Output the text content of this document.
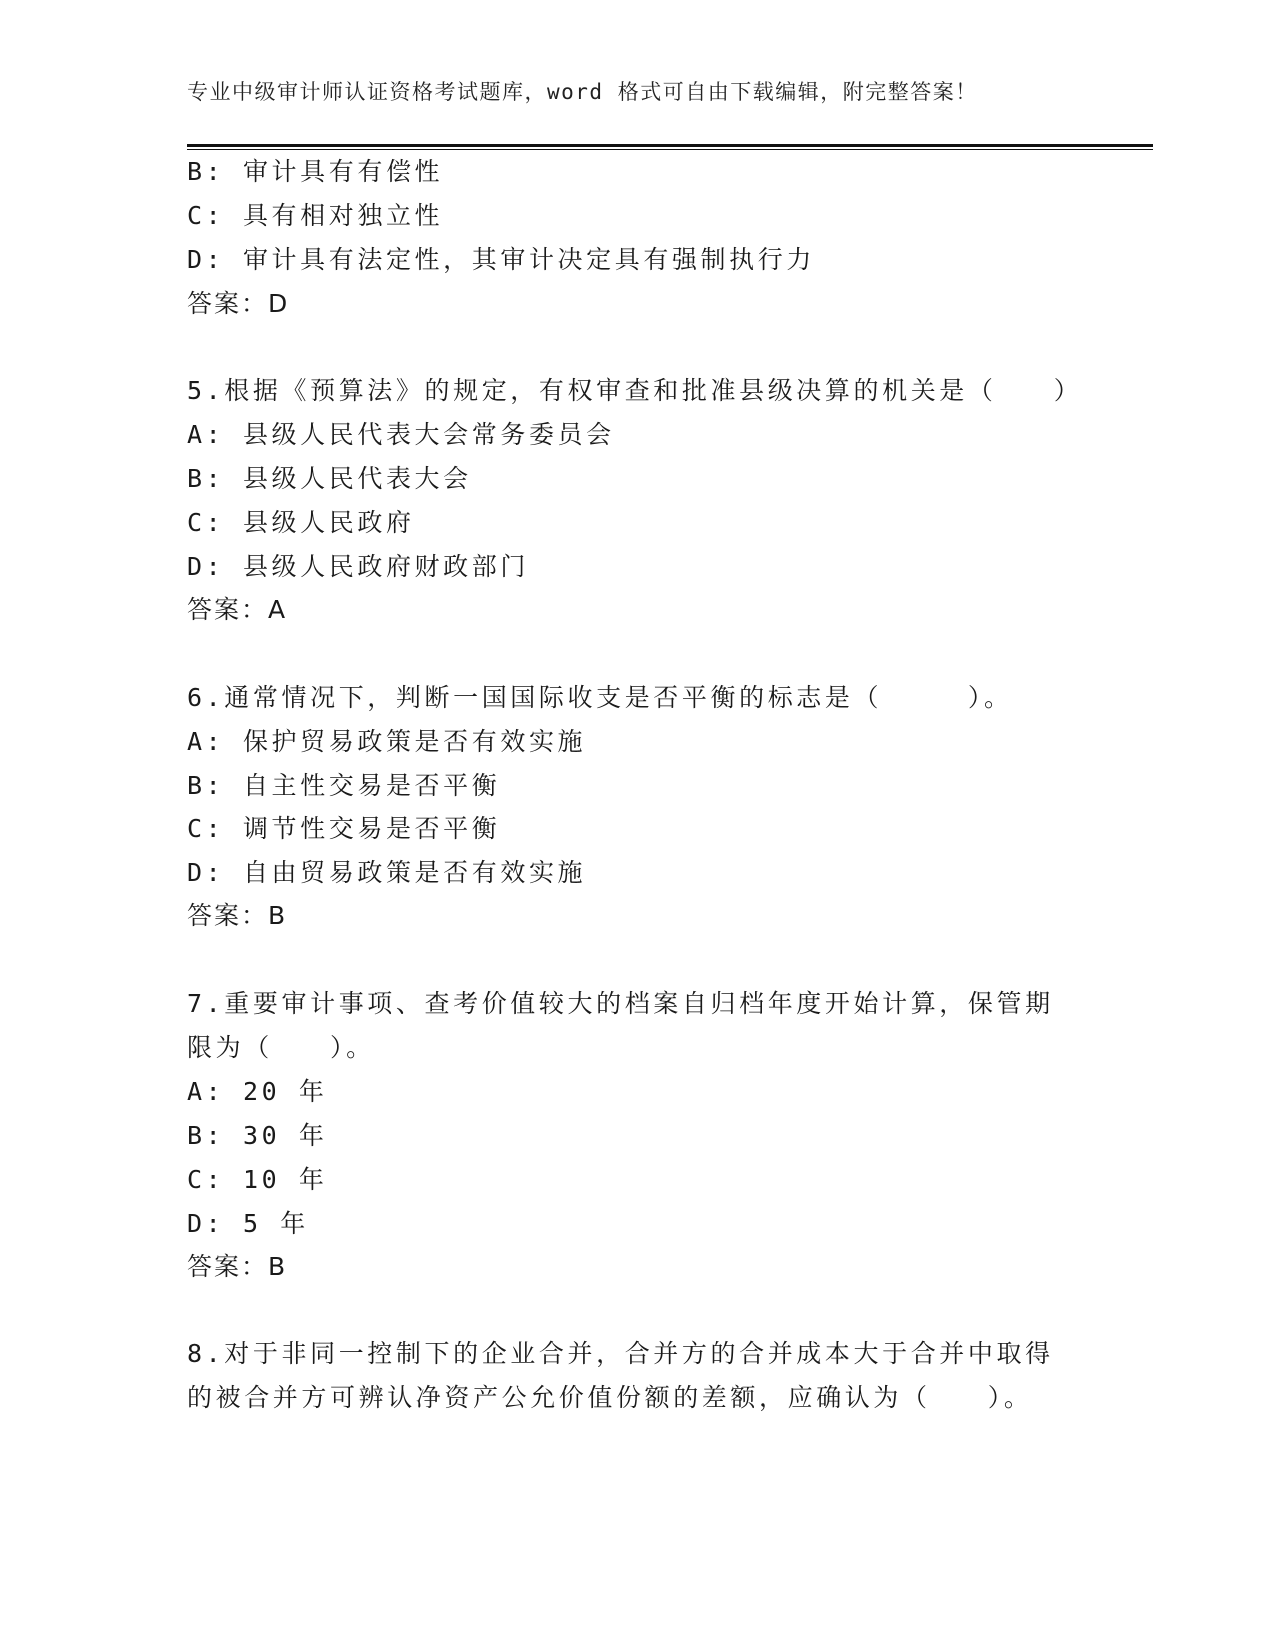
专业中级审计师认证资格考试题库，word 格式可自由下载编辑，附完整答案！
B: 审计具有有偿性
C: 具有相对独立性
D: 审计具有法定性，其审计决定具有强制执行力
答案：D
5.根据《预算法》的规定，有权审查和批准县级决算的机关是（　　）
A: 县级人民代表大会常务委员会
B: 县级人民代表大会
C: 县级人民政府
D: 县级人民政府财政部门
答案：A
6.通常情况下，判断一国国际收支是否平衡的标志是（　　　）。
A: 保护贸易政策是否有效实施
B: 自主性交易是否平衡
C: 调节性交易是否平衡
D: 自由贸易政策是否有效实施
答案：B
7.重要审计事项、查考价值较大的档案自归档年度开始计算，保管期
限为（　　）。
A: 20 年
B: 30 年
C: 10 年
D: 5 年
答案：B
8.对于非同一控制下的企业合并，合并方的合并成本大于合并中取得
的被合并方可辨认净资产公允价值份额的差额，应确认为（　　）。
